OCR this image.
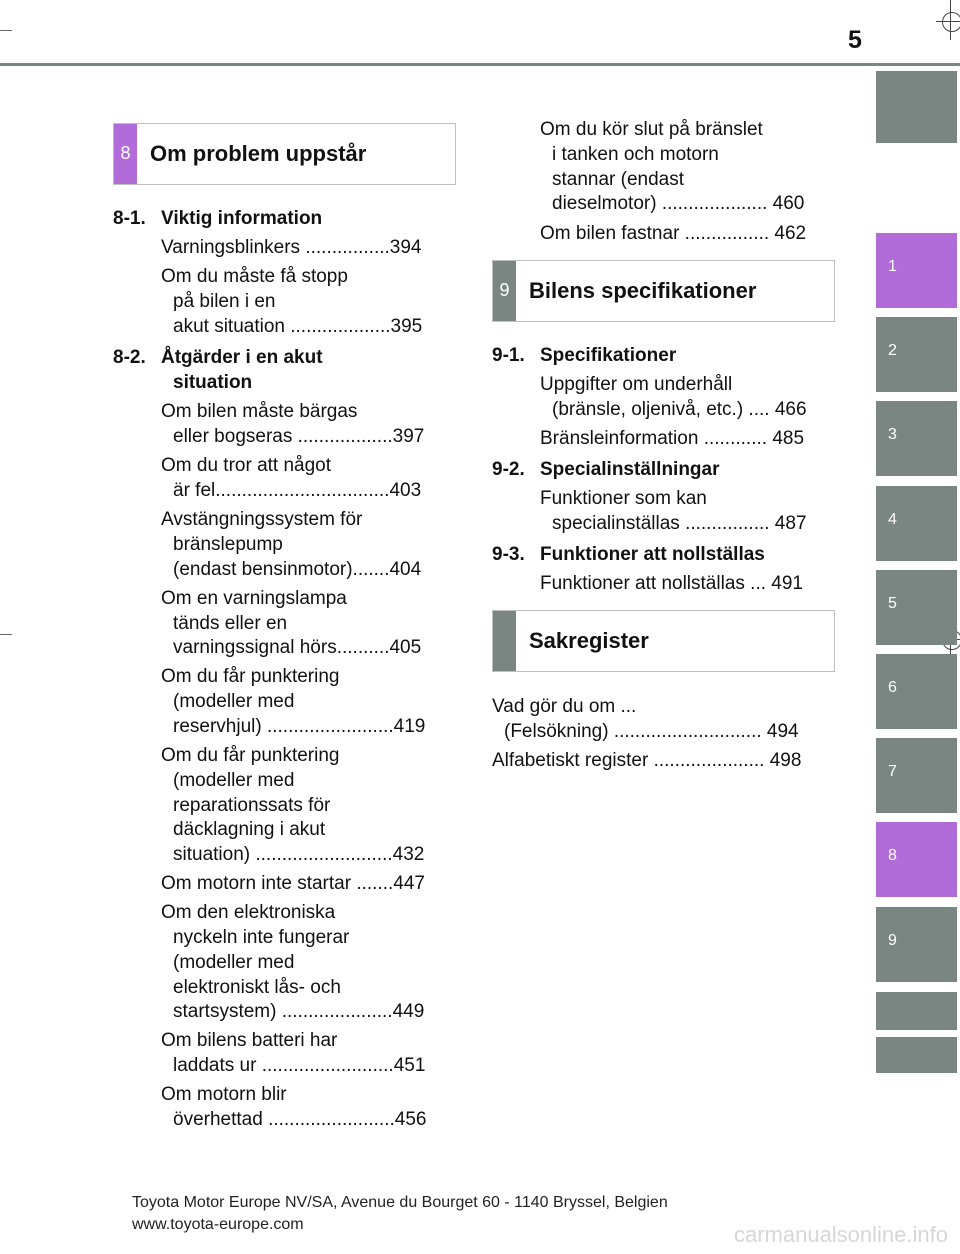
5
1
2
3
4
5
6
7
8
9
8 Om problem uppstår
8-1. Viktig information
Varningsblinkers ................394
Om du måste få stopp
på bilen i en
akut situation ...................395
8-2. Åtgärder i en akut
situation
Om bilen måste bärgas
eller bogseras ..................397
Om du tror att något
är fel.................................403
Avstängningssystem för
bränslepump
(endast bensinmotor).......404
Om en varningslampa
tänds eller en
varningssignal hörs..........405
Om du får punktering
(modeller med
reservhjul) ........................419
Om du får punktering
(modeller med
reparationssats för
däcklagning i akut
situation) ..........................432
Om motorn inte startar .......447
Om den elektroniska
nyckeln inte fungerar
(modeller med
elektroniskt lås- och
startsystem) .....................449
Om bilens batteri har
laddats ur .........................451
Om motorn blir
överhettad ........................456
Om du kör slut på bränslet
i tanken och motorn
stannar (endast
dieselmotor) .................... 460
Om bilen fastnar ................ 462
9 Bilens specifikationer
9-1. Specifikationer
Uppgifter om underhåll
(bränsle, oljenivå, etc.) .... 466
Bränsleinformation ............ 485
9-2. Specialinställningar
Funktioner som kan
specialinställas ................ 487
9-3. Funktioner att nollställas
Funktioner att nollställas ... 491
Sakregister
Vad gör du om ...
(Felsökning) ............................ 494
Alfabetiskt register ..................... 498
Toyota Motor Europe NV/SA, Avenue du Bourget 60 - 1140 Bryssel, Belgien
www.toyota-europe.com	carmanualsonline.info
